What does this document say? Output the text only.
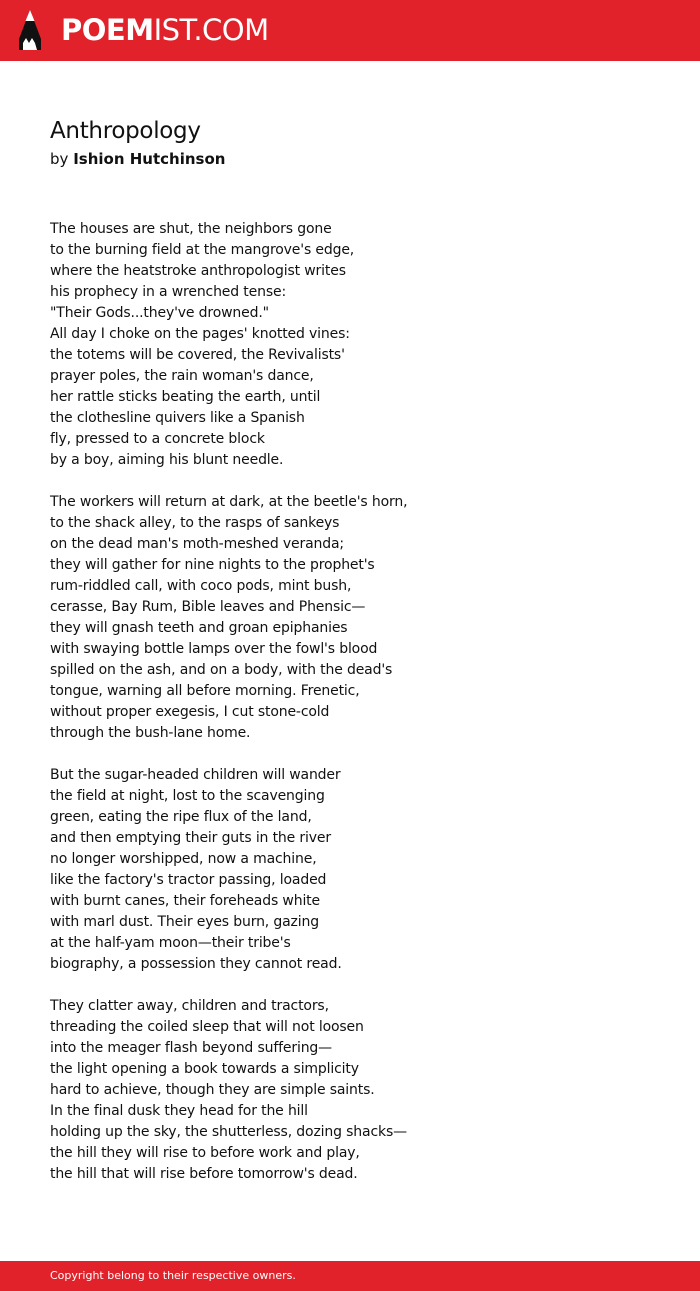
POEMIST.COM
Anthropology
by Ishion Hutchinson
The houses are shut, the neighbors gone
to the burning field at the mangrove's edge,
where the heatstroke anthropologist writes
his prophecy in a wrenched tense:
"Their Gods...they've drowned."
All day I choke on the pages' knotted vines:
the totems will be covered, the Revivalists'
prayer poles, the rain woman's dance,
her rattle sticks beating the earth, until
the clothesline quivers like a Spanish
fly, pressed to a concrete block
by a boy, aiming his blunt needle.
The workers will return at dark, at the beetle's horn,
to the shack alley, to the rasps of sankeys
on the dead man's moth-meshed veranda;
they will gather for nine nights to the prophet's
rum-riddled call, with coco pods, mint bush,
cerasse, Bay Rum, Bible leaves and Phensic—
they will gnash teeth and groan epiphanies
with swaying bottle lamps over the fowl's blood
spilled on the ash, and on a body, with the dead's
tongue, warning all before morning. Frenetic,
without proper exegesis, I cut stone-cold
through the bush-lane home.
But the sugar-headed children will wander
the field at night, lost to the scavenging
green, eating the ripe flux of the land,
and then emptying their guts in the river
no longer worshipped, now a machine,
like the factory's tractor passing, loaded
with burnt canes, their foreheads white
with marl dust. Their eyes burn, gazing
at the half-yam moon—their tribe's
biography, a possession they cannot read.
They clatter away, children and tractors,
threading the coiled sleep that will not loosen
into the meager flash beyond suffering—
the light opening a book towards a simplicity
hard to achieve, though they are simple saints.
In the final dusk they head for the hill
holding up the sky, the shutterless, dozing shacks—
the hill they will rise to before work and play,
the hill that will rise before tomorrow's dead.
Copyright belong to their respective owners.
